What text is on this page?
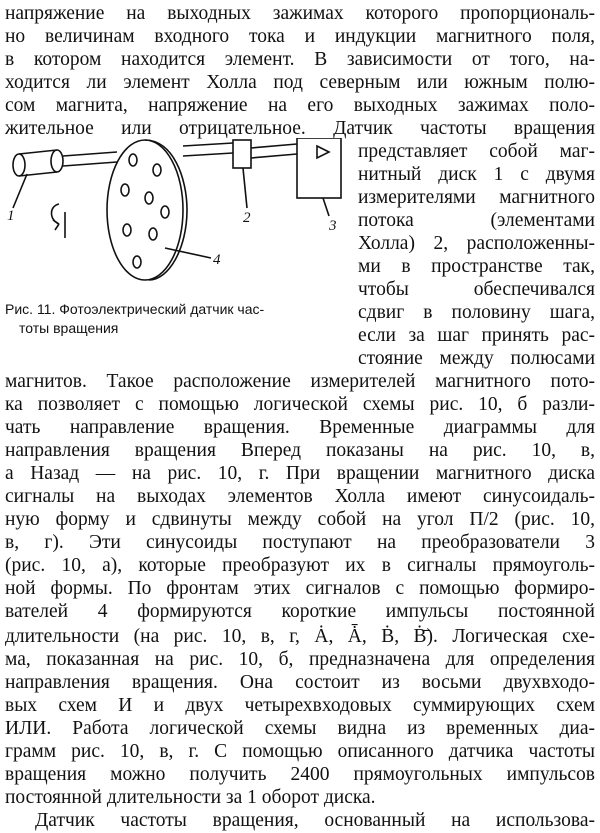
напряжение на выходных зажимах которого пропорциональ-
но величинам входного тока и индукции магнитного поля,
в котором находится элемент. В зависимости от того, на-
ходится ли элемент Холла под северным или южным полю-
сом магнита, напряжение на его выходных зажимах поло-
жительное или отрицательное. Датчик частоты вращения
1	2	3
4
Рис. 11. Фотоэлектрический датчик час-
тоты вращения
представляет собой маг-
нитный диск 1 с двумя
измерителями магнитного
потока (элементами
Холла) 2, расположенны-
ми в пространстве так,
чтобы обеспечивался
сдвиг в половину шага,
если за шаг принять рас-
стояние между полюсами
магнитов. Такое расположение измерителей магнитного пото-
ка позволяет с помощью логической схемы рис. 10, б разли-
чать направление вращения. Временные диаграммы для
направления вращения Вперед показаны на рис. 10, в,
а Назад — на рис. 10, г. При вращении магнитного диска
сигналы на выходах элементов Холла имеют синусоидаль-
ную форму и сдвинуты между собой на угол П/2 (рис. 10,
в, г). Эти синусоиды поступают на преобразователи 3
(рис. 10, а), которые преобразуют их в сигналы прямоуголь-
ной формы. По фронтам этих сигналов с помощью формиро-
вателей 4 формируются короткие импульсы постоянной
длительности (на рис. 10, в, г, Ȧ, Ǡ, Ḃ, Ḃ̄). Логическая схе-
ма, показанная на рис. 10, б, предназначена для определения
направления вращения. Она состоит из восьми двухвходо-
вых схем И и двух четырехвходовых суммирующих схем
ИЛИ. Работа логической схемы видна из временных диа-
грамм рис. 10, в, г. С помощью описанного датчика частоты
вращения можно получить 2400 прямоугольных импульсов
постоянной длительности за 1 оборот диска.
Датчик частоты вращения, основанный на использова-
